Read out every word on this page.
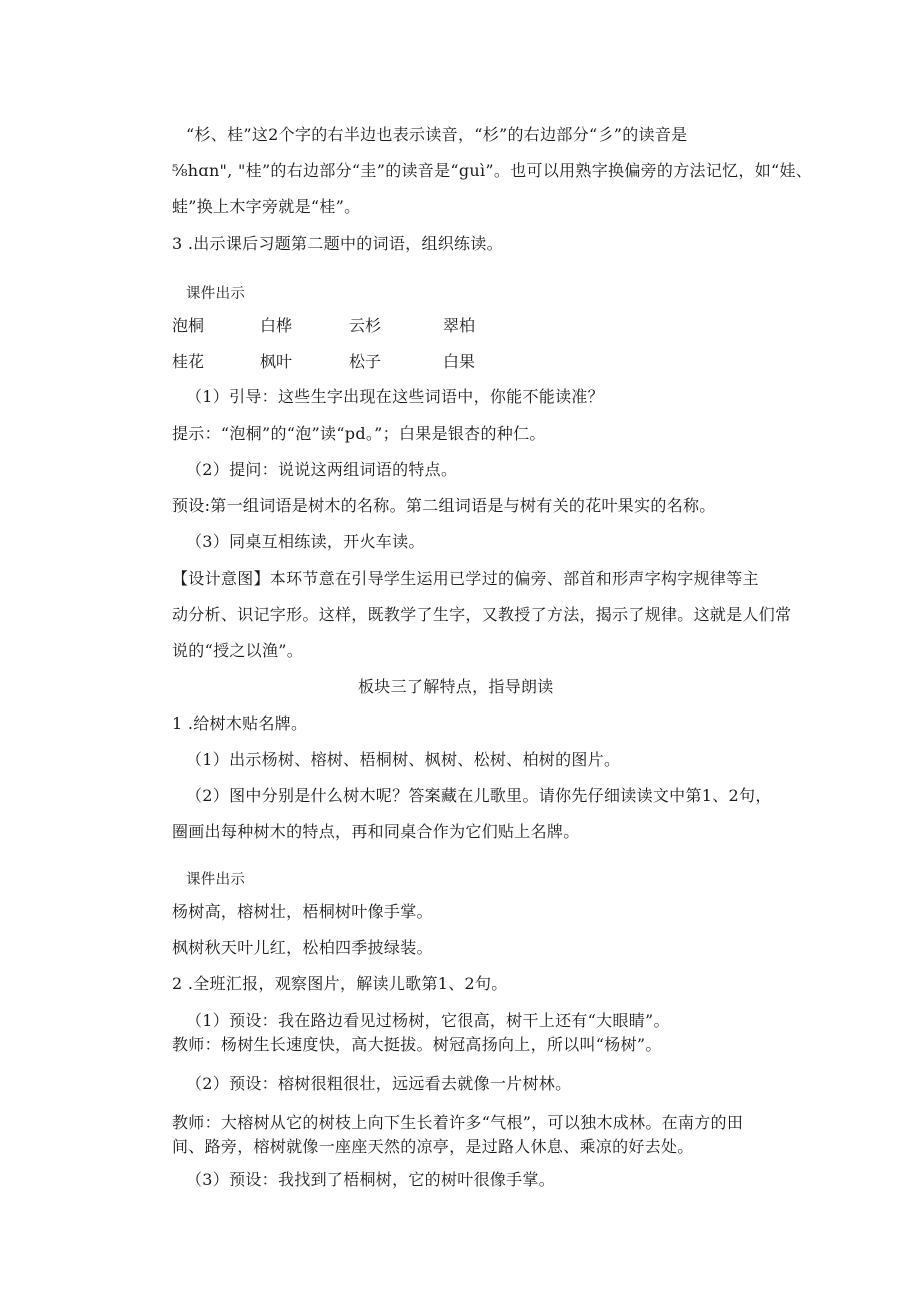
“杉、桂”这2个字的右半边也表示读音，“杉”的右边部分“彡”的读音是
⅝hɑn", "桂”的右边部分“圭”的读音是“guì”。也可以用熟字换偏旁的方法记忆，如“娃、
蛙”换上木字旁就是“桂”。
3 .出示课后习题第二题中的词语，组织练读。
课件出示
泡桐	白桦	云杉	翠柏
桂花	枫叶	松子	白果
（1）引导：这些生字出现在这些词语中，你能不能读准？
提示：“泡桐”的“泡”读“pd。”；白果是银杏的种仁。
（2）提问：说说这两组词语的特点。
预设:第一组词语是树木的名称。第二组词语是与树有关的花叶果实的名称。
（3）同桌互相练读，开火车读。
【设计意图】本环节意在引导学生运用已学过的偏旁、部首和形声字构字规律等主
动分析、识记字形。这样，既教学了生字，又教授了方法，揭示了规律。这就是人们常
说的“授之以渔”。
板块三了解特点，指导朗读
1 .给树木贴名牌。
（1）出示杨树、榕树、梧桐树、枫树、松树、柏树的图片。
（2）图中分别是什么树木呢？答案藏在儿歌里。请你先仔细读读文中第1、2句，
圈画出每种树木的特点，再和同桌合作为它们贴上名牌。
课件出示
杨树高，榕树壮，梧桐树叶像手掌。
枫树秋天叶儿红，松柏四季披绿装。
2 .全班汇报，观察图片，解读儿歌第1、2句。
（1）预设：我在路边看见过杨树，它很高，树干上还有“大眼睛”。
教师：杨树生长速度快，高大挺拔。树冠高扬向上，所以叫“杨树”。
（2）预设：榕树很粗很壮，远远看去就像一片树林。
教师：大榕树从它的树枝上向下生长着许多“气根”，可以独木成林。在南方的田
间、路旁，榕树就像一座座天然的凉亭，是过路人休息、乘凉的好去处。
（3）预设：我找到了梧桐树，它的树叶很像手掌。
